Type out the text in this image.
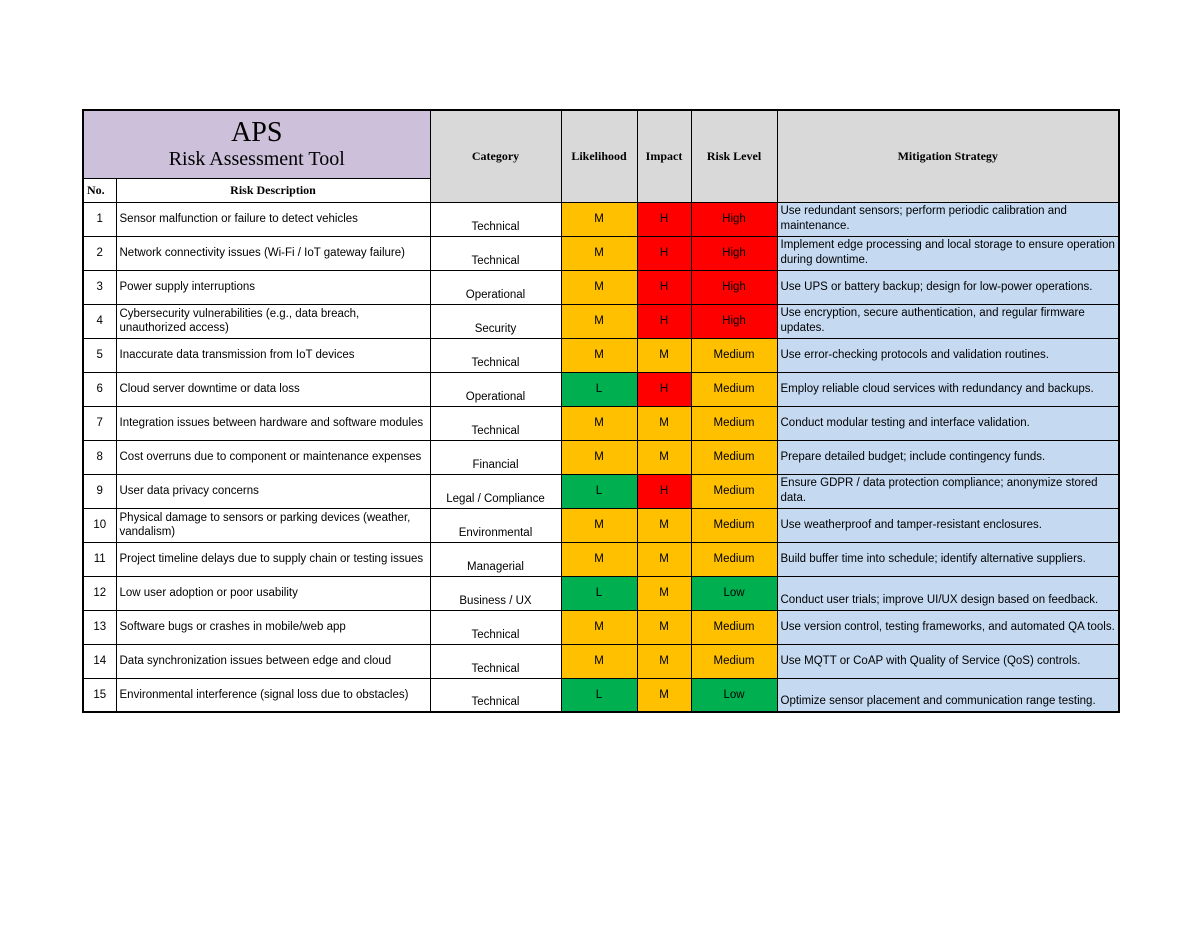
APS
Risk Assessment Tool		Category	Likelihood	Impact	Risk Level	Mitigation Strategy
No.	Risk Description					
1	Sensor malfunction or failure to detect vehicles	Technical	M	H	High	Use redundant sensors; perform periodic calibration and maintenance.
2	Network connectivity issues (Wi-Fi / IoT gateway failure)	Technical	M	H	High	Implement edge processing and local storage to ensure operation during downtime.
3	Power supply interruptions	Operational	M	H	High	Use UPS or battery backup; design for low-power operations.
4	Cybersecurity vulnerabilities (e.g., data breach, unauthorized access)	Security	M	H	High	Use encryption, secure authentication, and regular firmware updates.
5	Inaccurate data transmission from IoT devices	Technical	M	M	Medium	Use error-checking protocols and validation routines.
6	Cloud server downtime or data loss	Operational	L	H	Medium	Employ reliable cloud services with redundancy and backups.
7	Integration issues between hardware and software modules	Technical	M	M	Medium	Conduct modular testing and interface validation.
8	Cost overruns due to component or maintenance expenses	Financial	M	M	Medium	Prepare detailed budget; include contingency funds.
9	User data privacy concerns	Legal / Compliance	L	H	Medium	Ensure GDPR / data protection compliance; anonymize stored data.
10	Physical damage to sensors or parking devices (weather, vandalism)	Environmental	M	M	Medium	Use weatherproof and tamper-resistant enclosures.
11	Project timeline delays due to supply chain or testing issues	Managerial	M	M	Medium	Build buffer time into schedule; identify alternative suppliers.
12	Low user adoption or poor usability	Business / UX	L	M	Low	Conduct user trials; improve UI/UX design based on feedback.
13	Software bugs or crashes in mobile/web app	Technical	M	M	Medium	Use version control, testing frameworks, and automated QA tools.
14	Data synchronization issues between edge and cloud	Technical	M	M	Medium	Use MQTT or CoAP with Quality of Service (QoS) controls.
15	Environmental interference (signal loss due to obstacles)	Technical	L	M	Low	Optimize sensor placement and communication range testing.
